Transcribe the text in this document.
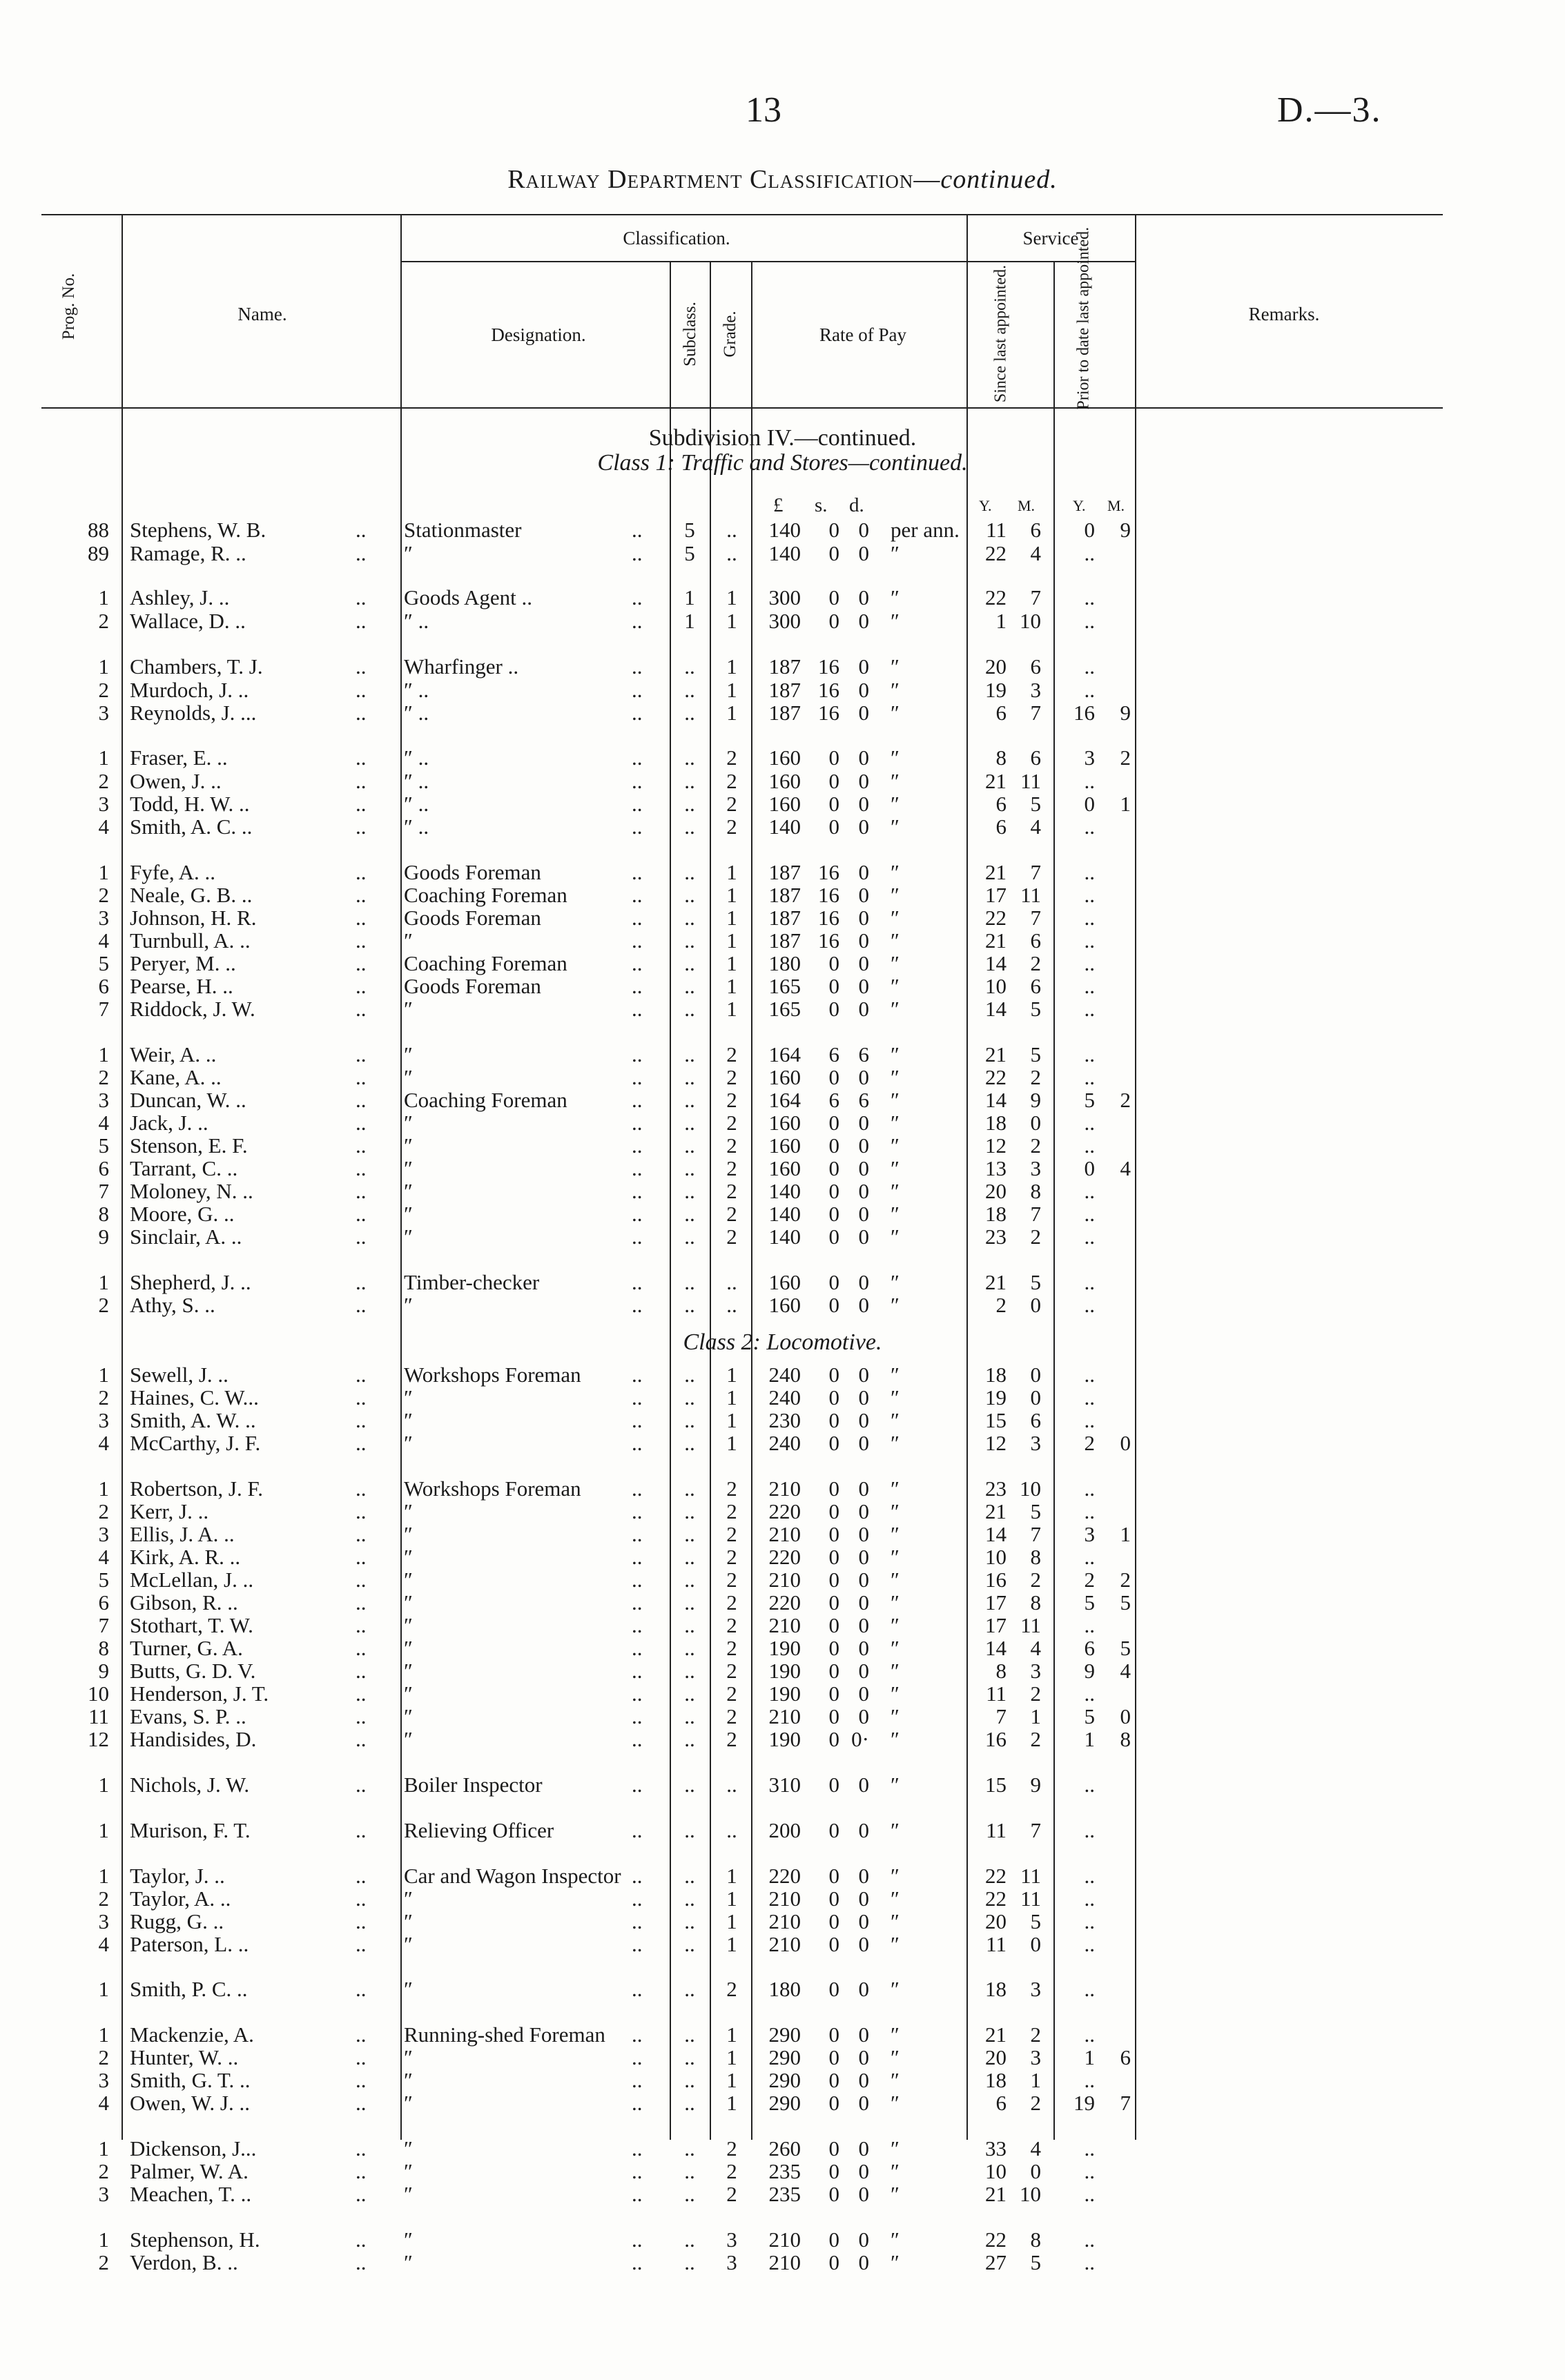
13	D.—3.
Railway Department Classification—continued.
Prog. No.	Name.
Classification.
Designation.	Subclass. Grade.	Rate of Pay
Service
Since last appointed.	Prior to date last appointed.	Remarks.
Subdivision IV.—continued.
Class 1: Traffic and Stores—continued.
£ s. d.	Y. M. Y. M.
Class 2: Locomotive.
88 Stephens, W. B.	.. Stationmaster	.. 5	..	140	0 0 per ann.	11	6	0	9
89 Ramage, R. ..	.. ″	.. 5	..	140	0 0 ″	22	4	..
1 Ashley, J. ..	.. Goods Agent ..	.. 1	1	300	0 0 ″	22	7	..
2 Wallace, D. ..	.. ″ ..	.. 1	1	300	0 0 ″	1 10	..
1 Chambers, T. J.	.. Wharfinger ..	.. ..	1	187 16 0 ″	20	6	..
2 Murdoch, J. ..	.. ″ ..	.. ..	1	187 16 0 ″	19	3	..
3 Reynolds, J. ...	.. ″ ..	.. ..	1	187 16 0 ″	6	7	16	9
1 Fraser, E. ..	.. ″ ..	.. ..	2	160	0 0 ″	8	6	3	2
2 Owen, J. ..	.. ″ ..	.. ..	2	160	0 0 ″	21 11	..
3 Todd, H. W. ..	.. ″ ..	.. ..	2	160	0 0 ″	6	5	0	1
4 Smith, A. C. ..	.. ″ ..	.. ..	2	140	0 0 ″	6	4	..
1 Fyfe, A. ..	.. Goods Foreman	.. ..	1	187 16 0 ″	21	7	..
2 Neale, G. B. ..	.. Coaching Foreman	.. ..	1	187 16 0 ″	17 11	..
3 Johnson, H. R.	.. Goods Foreman	.. ..	1	187 16 0 ″	22	7	..
4 Turnbull, A. ..	.. ″	.. ..	1	187 16 0 ″	21	6	..
5 Peryer, M. ..	.. Coaching Foreman	.. ..	1	180	0 0 ″	14	2	..
6 Pearse, H. ..	.. Goods Foreman	.. ..	1	165	0 0 ″	10	6	..
7 Riddock, J. W.	.. ″	.. ..	1	165	0 0 ″	14	5	..
1 Weir, A. ..	.. ″	.. ..	2	164	6 6 ″	21	5	..
2 Kane, A. ..	.. ″	.. ..	2	160	0 0 ″	22	2	..
3 Duncan, W. ..	.. Coaching Foreman	.. ..	2	164	6 6 ″	14	9	5	2
4 Jack, J. ..	.. ″	.. ..	2	160	0 0 ″	18	0	..
5 Stenson, E. F.	.. ″	.. ..	2	160	0 0 ″	12	2	..
6 Tarrant, C. ..	.. ″	.. ..	2	160	0 0 ″	13	3	0	4
7 Moloney, N. ..	.. ″	.. ..	2	140	0 0 ″	20	8	..
8 Moore, G. ..	.. ″	.. ..	2	140	0 0 ″	18	7	..
9 Sinclair, A. ..	.. ″	.. ..	2	140	0 0 ″	23	2	..
1 Shepherd, J. ..	.. Timber-checker	.. ..	..	160	0 0 ″	21	5	..
2 Athy, S. ..	.. ″	.. ..	..	160	0 0 ″	2	0	..
1 Sewell, J. ..	.. Workshops Foreman .. ..	1	240	0 0 ″	18	0	..
2 Haines, C. W...	.. ″	.. ..	1	240	0 0 ″	19	0	..
3 Smith, A. W. ..	.. ″	.. ..	1	230	0 0 ″	15	6	..
4 McCarthy, J. F.	.. ″	.. ..	1	240	0 0 ″	12	3	2	0
1 Robertson, J. F.	.. Workshops Foreman .. ..	2	210	0 0 ″	23 10	..
2 Kerr, J. ..	.. ″	.. ..	2	220	0 0 ″	21	5	..
3 Ellis, J. A. ..	.. ″	.. ..	2	210	0 0 ″	14	7	3	1
4 Kirk, A. R. ..	.. ″	.. ..	2	220	0 0 ″	10	8	..
5 McLellan, J. ..	.. ″	.. ..	2	210	0 0 ″	16	2	2	2
6 Gibson, R. ..	.. ″	.. ..	2	220	0 0 ″	17	8	5	5
7 Stothart, T. W.	.. ″	.. ..	2	210	0 0 ″	17 11	..
8 Turner, G. A.	.. ″	.. ..	2	190	0 0 ″	14	4	6	5
9 Butts, G. D. V.	.. ″	.. ..	2	190	0 0 ″	8	3	9	4
10 Henderson, J. T.	.. ″	.. ..	2	190	0 0 ″	11	2	..
11 Evans, S. P. ..	.. ″	.. ..	2	210	0 0 ″	7	1	5	0
12 Handisides, D.	.. ″	.. ..	2	190	0 0· ″	16	2	1	8
1 Nichols, J. W.	.. Boiler Inspector	.. ..	..	310	0 0 ″	15	9	..
1 Murison, F. T.	.. Relieving Officer	.. ..	..	200	0 0 ″	11	7	..
1 Taylor, J. ..	.. Car and Wagon Inspector .. ..	1	220	0 0 ″	22 11	..
2 Taylor, A. ..	.. ″	.. ..	1	210	0 0 ″	22 11	..
3 Rugg, G. ..	.. ″	.. ..	1	210	0 0 ″	20	5	..
4 Paterson, L. ..	.. ″	.. ..	1	210	0 0 ″	11	0	..
1 Smith, P. C. ..	.. ″	.. ..	2	180	0 0 ″	18	3	..
1 Mackenzie, A.	.. Running-shed Foreman .. ..	1	290	0 0 ″	21	2	..
2 Hunter, W. ..	.. ″	.. ..	1	290	0 0 ″	20	3	1	6
3 Smith, G. T. ..	.. ″	.. ..	1	290	0 0 ″	18	1	..
4 Owen, W. J. ..	.. ″	.. ..	1	290	0 0 ″	6	2	19	7
1 Dickenson, J...	.. ″	.. ..	2	260	0 0 ″	33	4	..
2 Palmer, W. A.	.. ″	.. ..	2	235	0 0 ″	10	0	..
3 Meachen, T. ..	.. ″	.. ..	2	235	0 0 ″	21 10	..
1 Stephenson, H.	.. ″	.. ..	3	210	0 0 ″	22	8	..
2 Verdon, B. ..	.. ″	.. ..	3	210	0 0 ″	27	5	..
